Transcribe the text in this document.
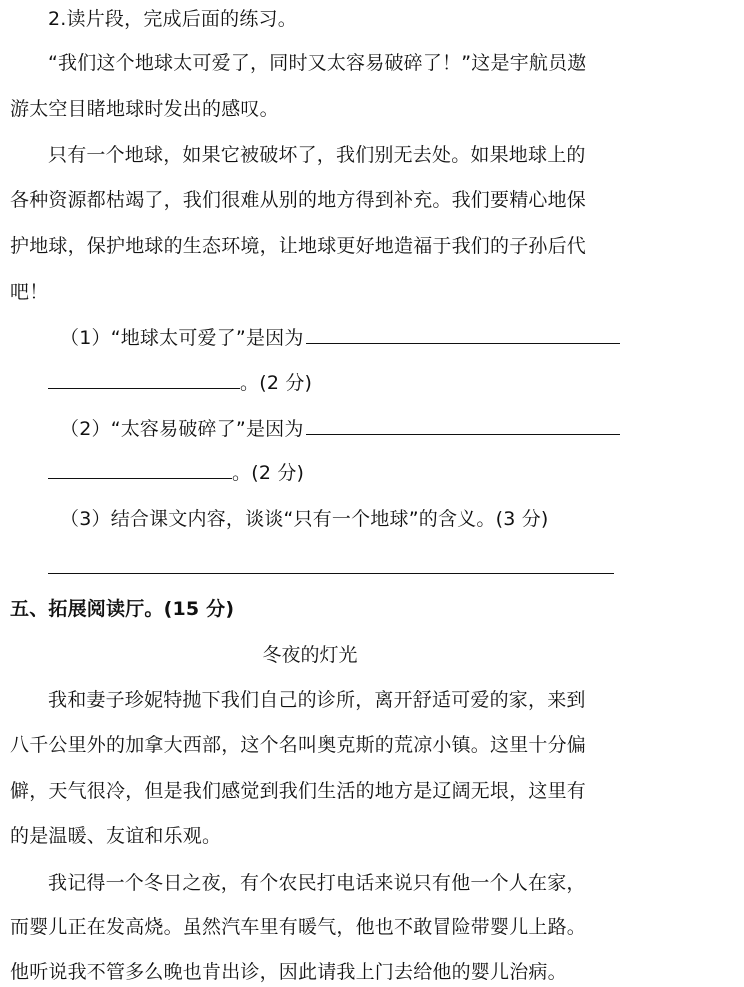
2.读片段，完成后面的练习。
“我们这个地球太可爱了，同时又太容易破碎了！”这是宇航员遨
游太空目睹地球时发出的感叹。
只有一个地球，如果它被破坏了，我们别无去处。如果地球上的
各种资源都枯竭了，我们很难从别的地方得到补充。我们要精心地保
护地球，保护地球的生态环境，让地球更好地造福于我们的子孙后代
吧！
（1）“地球太可爱了”是因为
。(2 分)
（2）“太容易破碎了”是因为
。(2 分)
（3）结合课文内容，谈谈“只有一个地球”的含义。(3 分)
五、拓展阅读厅。(15 分)
冬夜的灯光
我和妻子珍妮特抛下我们自己的诊所，离开舒适可爱的家，来到
八千公里外的加拿大西部，这个名叫奥克斯的荒凉小镇。这里十分偏
僻，天气很冷，但是我们感觉到我们生活的地方是辽阔无垠，这里有
的是温暖、友谊和乐观。
我记得一个冬日之夜，有个农民打电话来说只有他一个人在家，
而婴儿正在发高烧。虽然汽车里有暖气，他也不敢冒险带婴儿上路。
他听说我不管多么晚也肯出诊，因此请我上门去给他的婴儿治病。
